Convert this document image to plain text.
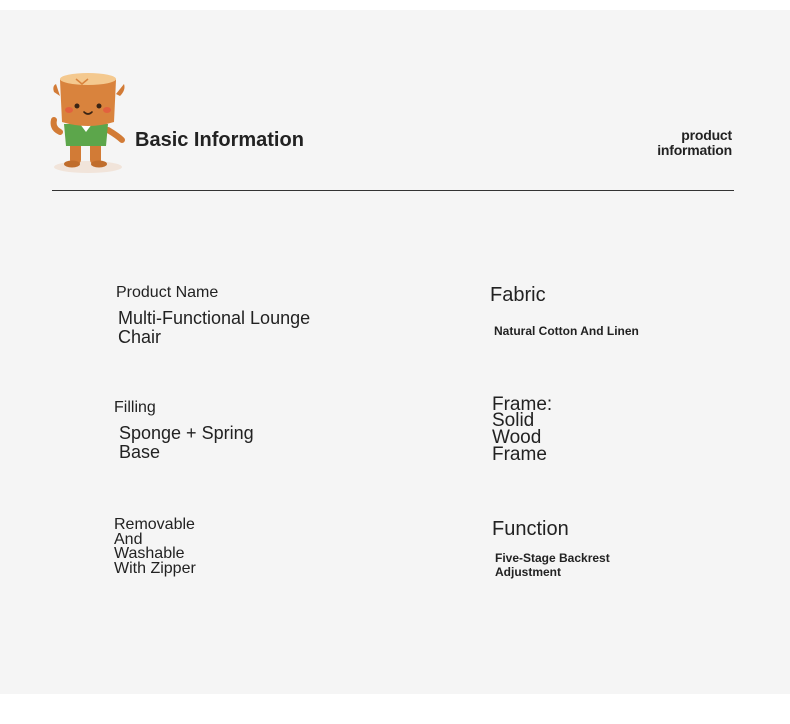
Basic Information	product
information
Product Name
Multi-Functional Lounge Chair
Fabric
Natural Cotton And Linen
Filling
Sponge + Spring Base
Frame:
Solid Wood Frame
Removable And Washable With Zipper
Function
Five-Stage Backrest Adjustment
